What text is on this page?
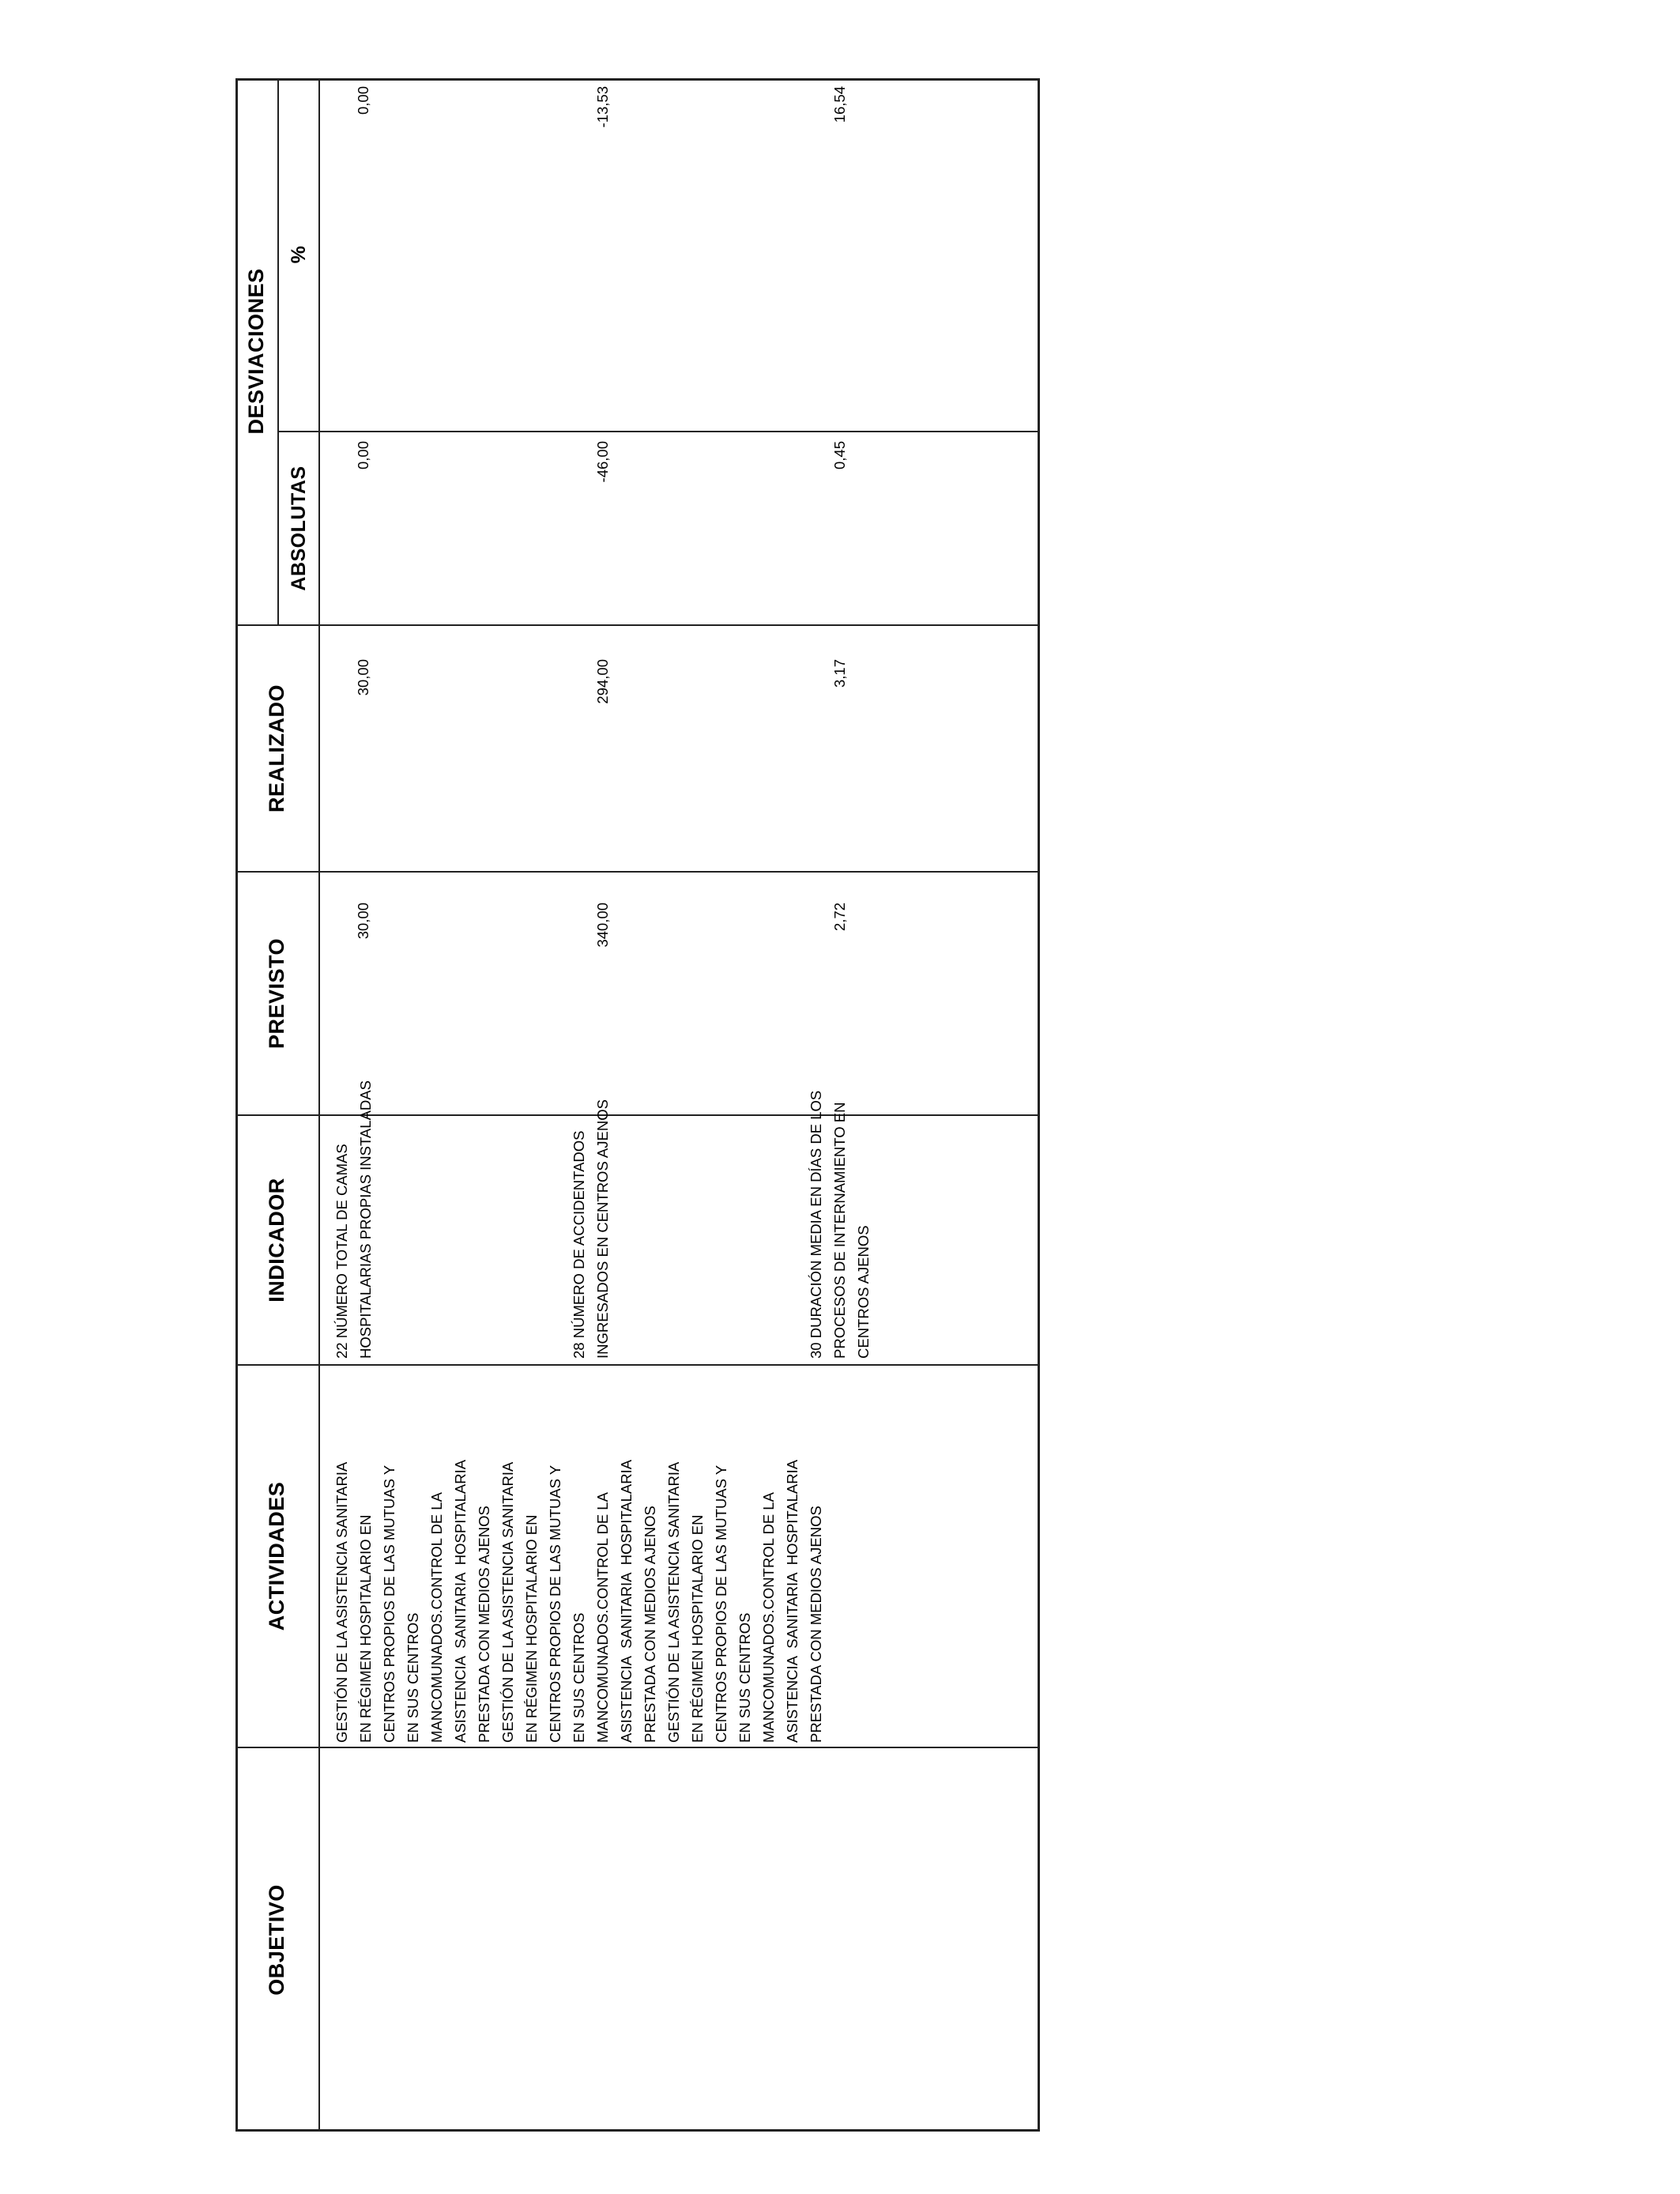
OBJETIVO
ACTIVIDADES
INDICADOR
PREVISTO
REALIZADO
DESVIACIONES
ABSOLUTAS
%
GESTIÓN DE LA ASISTENCIA SANITARIA
EN RÉGIMEN HOSPITALARIO EN
CENTROS PROPIOS DE LAS MUTUAS Y
EN SUS CENTROS
MANCOMUNADOS.CONTROL DE LA
ASISTENCIA  SANITARIA  HOSPITALARIA
PRESTADA CON MEDIOS AJENOS
GESTIÓN DE LA ASISTENCIA SANITARIA
EN RÉGIMEN HOSPITALARIO EN
CENTROS PROPIOS DE LAS MUTUAS Y
EN SUS CENTROS
MANCOMUNADOS.CONTROL DE LA
ASISTENCIA  SANITARIA  HOSPITALARIA
PRESTADA CON MEDIOS AJENOS
GESTIÓN DE LA ASISTENCIA SANITARIA
EN RÉGIMEN HOSPITALARIO EN
CENTROS PROPIOS DE LAS MUTUAS Y
EN SUS CENTROS
MANCOMUNADOS.CONTROL DE LA
ASISTENCIA  SANITARIA  HOSPITALARIA
PRESTADA CON MEDIOS AJENOS
22 NÚMERO TOTAL DE CAMAS
HOSPITALARIAS PROPIAS INSTALADAS
28 NÚMERO DE ACCIDENTADOS
INGRESADOS EN CENTROS AJENOS
30 DURACIÓN MEDIA EN DÍAS DE LOS
PROCESOS DE INTERNAMIENTO EN
CENTROS AJENOS
30,00
30,00
0,00
0,00
340,00
294,00
-46,00
-13,53
2,72
3,17
0,45
16,54
